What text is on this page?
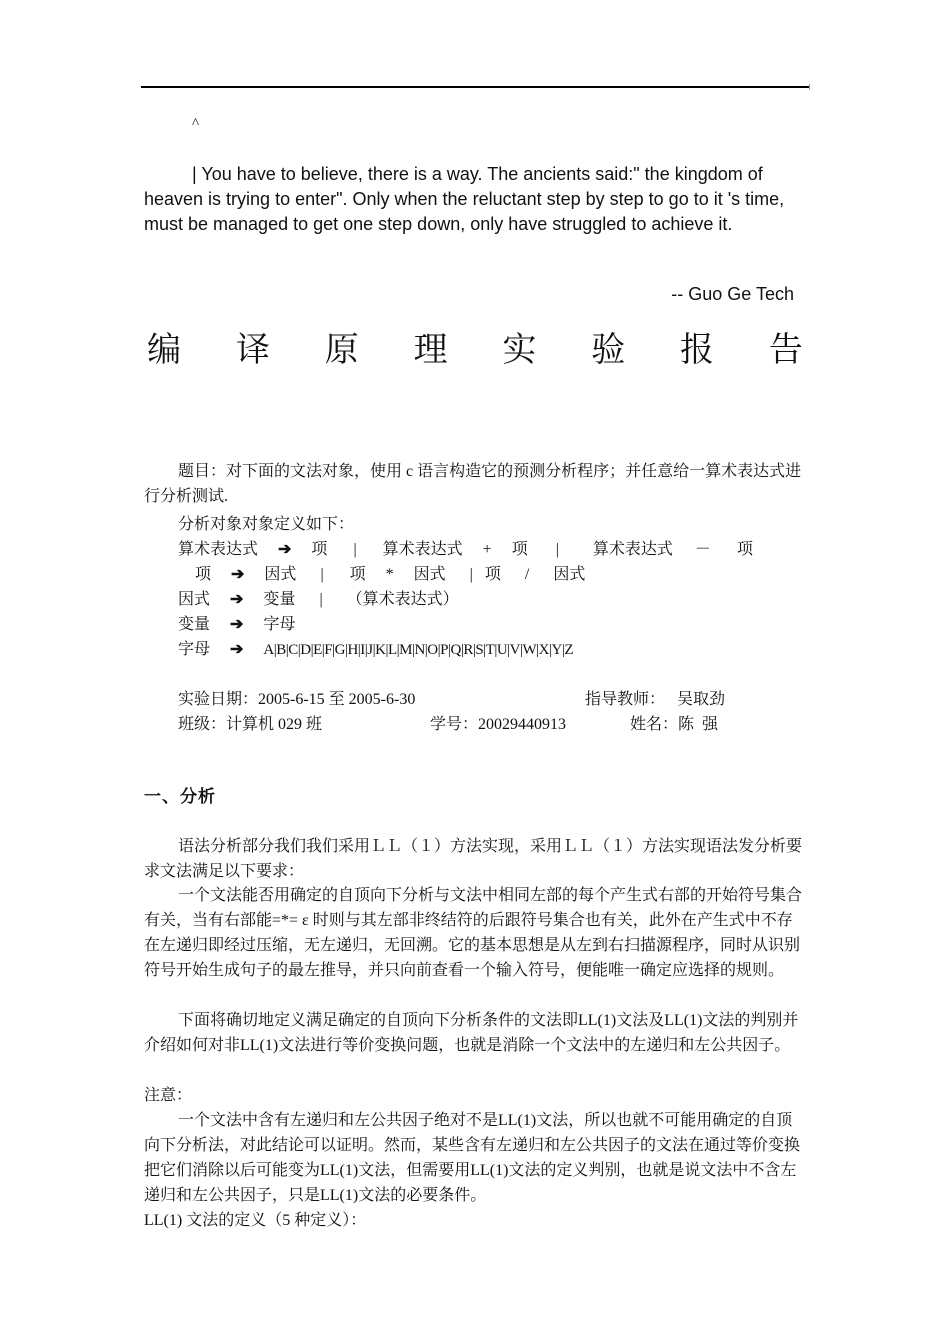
^
| You have to believe, there is a way. The ancients said:" the kingdom of heaven is trying to enter". Only when the reluctant step by step to go to it 's time, must be managed to get one step down, only have struggled to achieve it.
-- Guo Ge Tech
编 译 原 理 实 验 报 告
题目：对下面的文法对象，使用 c 语言构造它的预测分析程序；并任意给一算术表达式进行分析测试.
分析对象对象定义如下：
算术表达式 ➔ 项 | 算术表达式 + 项 | 算术表达式 － 项
项 ➔ 因式 | 项 * 因式 | 项 / 因式
因式 ➔ 变量 | （算术表达式）
变量 ➔ 字母
字母 ➔ A|B|C|D|E|F|G|H|I|J|K|L|M|N|O|P|Q|R|S|T|U|V|W|X|Y|Z
实验日期：2005-6-15 至 2005-6-30	指导教师：   吴取劲
班级：计算机 029 班	学号：20029440913	姓名：陈  强
一、分析
语法分析部分我们我们采用ＬＬ（１）方法实现，采用ＬＬ（１）方法实现语法发分析要求文法满足以下要求：
一个文法能否用确定的自顶向下分析与文法中相同左部的每个产生式右部的开始符号集合有关，当有右部能=*= ε 时则与其左部非终结符的后跟符号集合也有关，此外在产生式中不存在左递归即经过压缩，无左递归，无回溯。它的基本思想是从左到右扫描源程序，同时从识别符号开始生成句子的最左推导，并只向前查看一个输入符号，便能唯一确定应选择的规则。
下面将确切地定义满足确定的自顶向下分析条件的文法即LL(1)文法及LL(1)文法的判别并介绍如何对非LL(1)文法进行等价变换问题，也就是消除一个文法中的左递归和左公共因子。
注意：
一个文法中含有左递归和左公共因子绝对不是LL(1)文法，所以也就不可能用确定的自顶向下分析法，对此结论可以证明。然而，某些含有左递归和左公共因子的文法在通过等价变换把它们消除以后可能变为LL(1)文法，但需要用LL(1)文法的定义判别，也就是说文法中不含左递归和左公共因子，只是LL(1)文法的必要条件。
LL(1) 文法的定义（5 种定义）：
